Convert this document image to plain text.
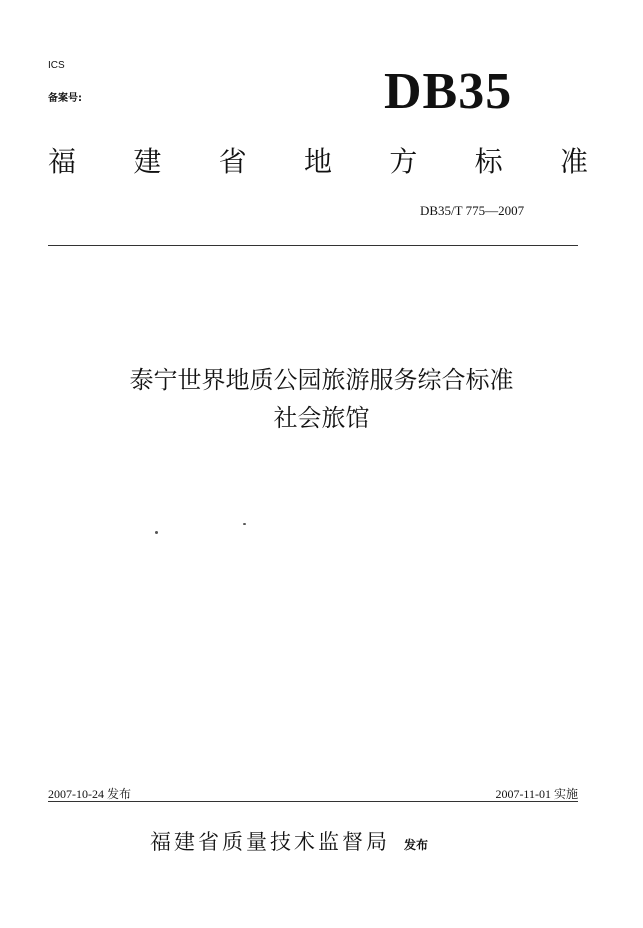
ICS
备案号:	DB35
福 建 省 地 方 标 准
DB35/T 775—2007
泰宁世界地质公园旅游服务综合标准
社会旅馆
2007-10-24 发布	2007-11-01 实施
福建省质量技术监督局 发布
